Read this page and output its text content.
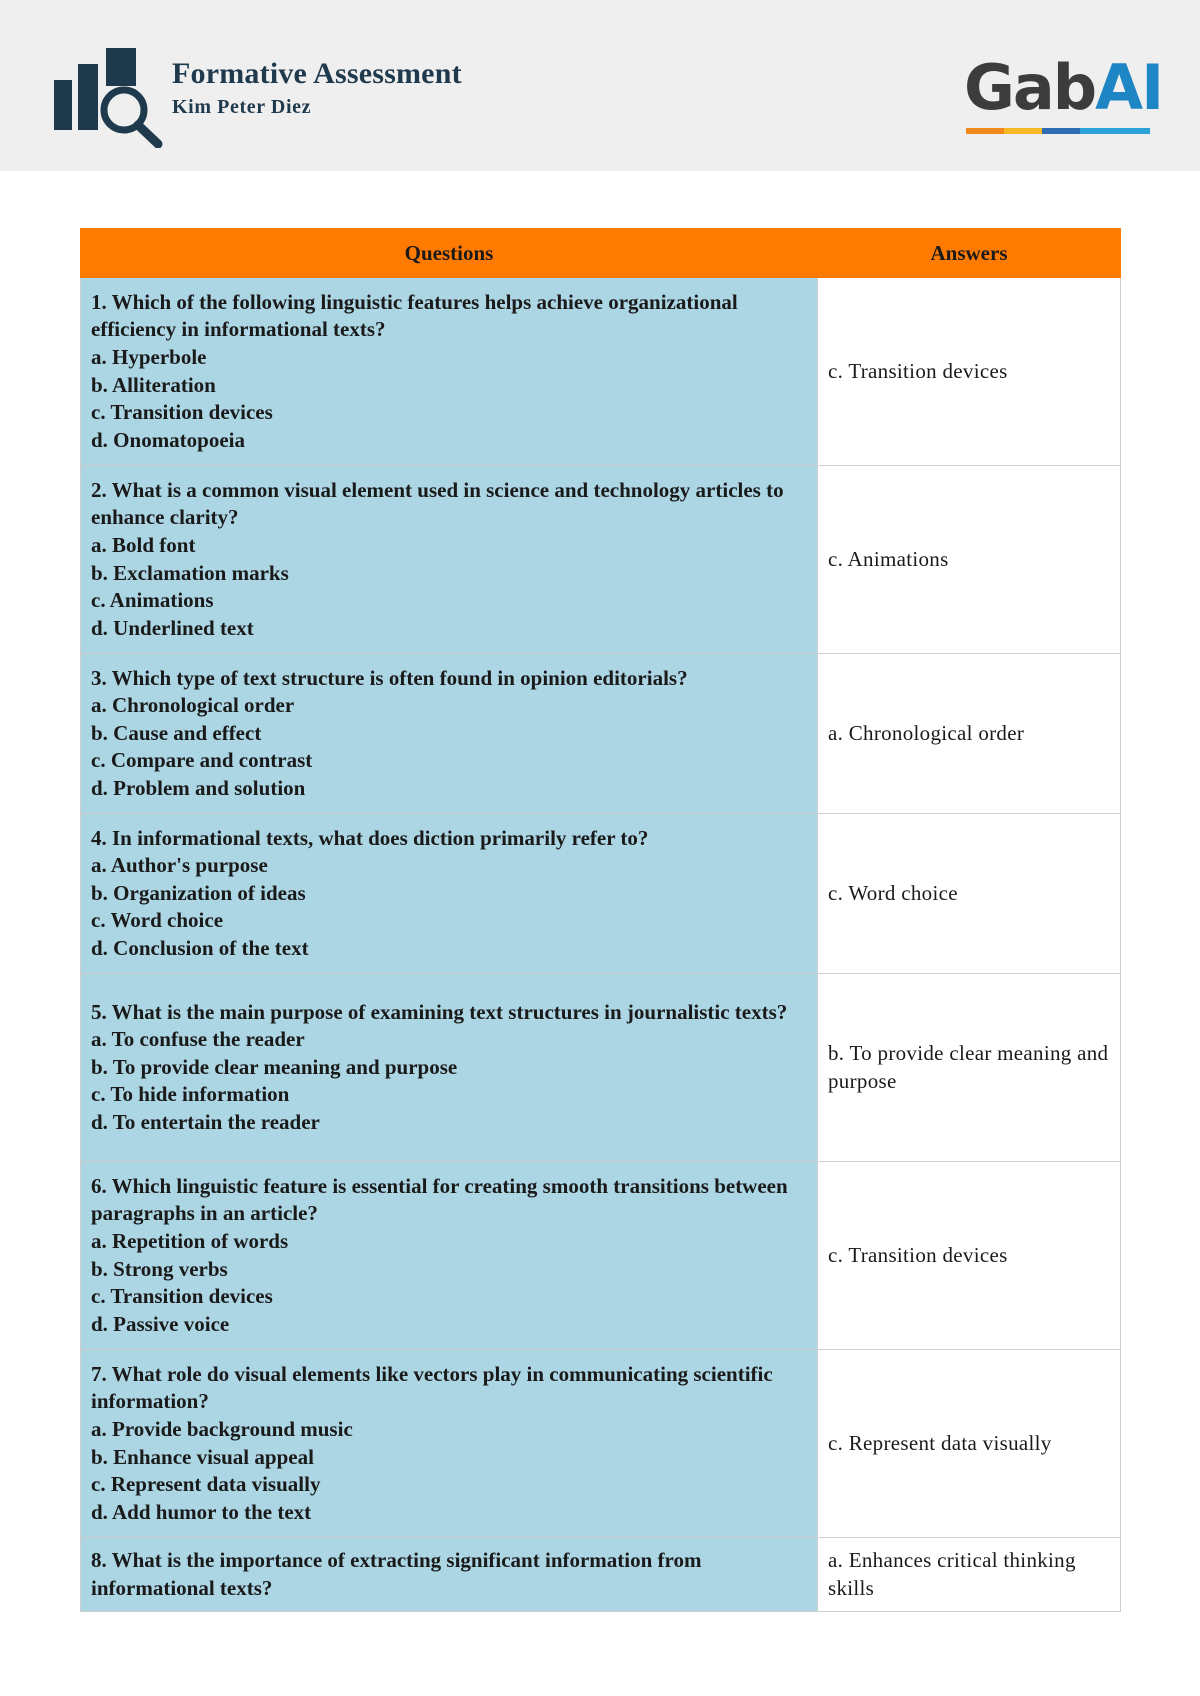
Formative Assessment
Kim Peter Diez	GabAI
Questions	Answers

1. Which of the following linguistic features helps achieve organizational efficiency in informational texts?
a. Hyperbole
b. Alliteration
c. Transition devices
d. Onomatopoeia	c. Transition devices

2. What is a common visual element used in science and technology articles to enhance clarity?
a. Bold font
b. Exclamation marks
c. Animations
d. Underlined text	c. Animations

3. Which type of text structure is often found in opinion editorials?
a. Chronological order
b. Cause and effect
c. Compare and contrast
d. Problem and solution	a. Chronological order

4. In informational texts, what does diction primarily refer to?
a. Author's purpose
b. Organization of ideas
c. Word choice
d. Conclusion of the text	c. Word choice

5. What is the main purpose of examining text structures in journalistic texts?
a. To confuse the reader
b. To provide clear meaning and purpose
c. To hide information
d. To entertain the reader	b. To provide clear meaning and purpose

6. Which linguistic feature is essential for creating smooth transitions between paragraphs in an article?
a. Repetition of words
b. Strong verbs
c. Transition devices
d. Passive voice	c. Transition devices

7. What role do visual elements like vectors play in communicating scientific information?
a. Provide background music
b. Enhance visual appeal
c. Represent data visually
d. Add humor to the text	c. Represent data visually

8. What is the importance of extracting significant information from informational texts?	a. Enhances critical thinking skills
